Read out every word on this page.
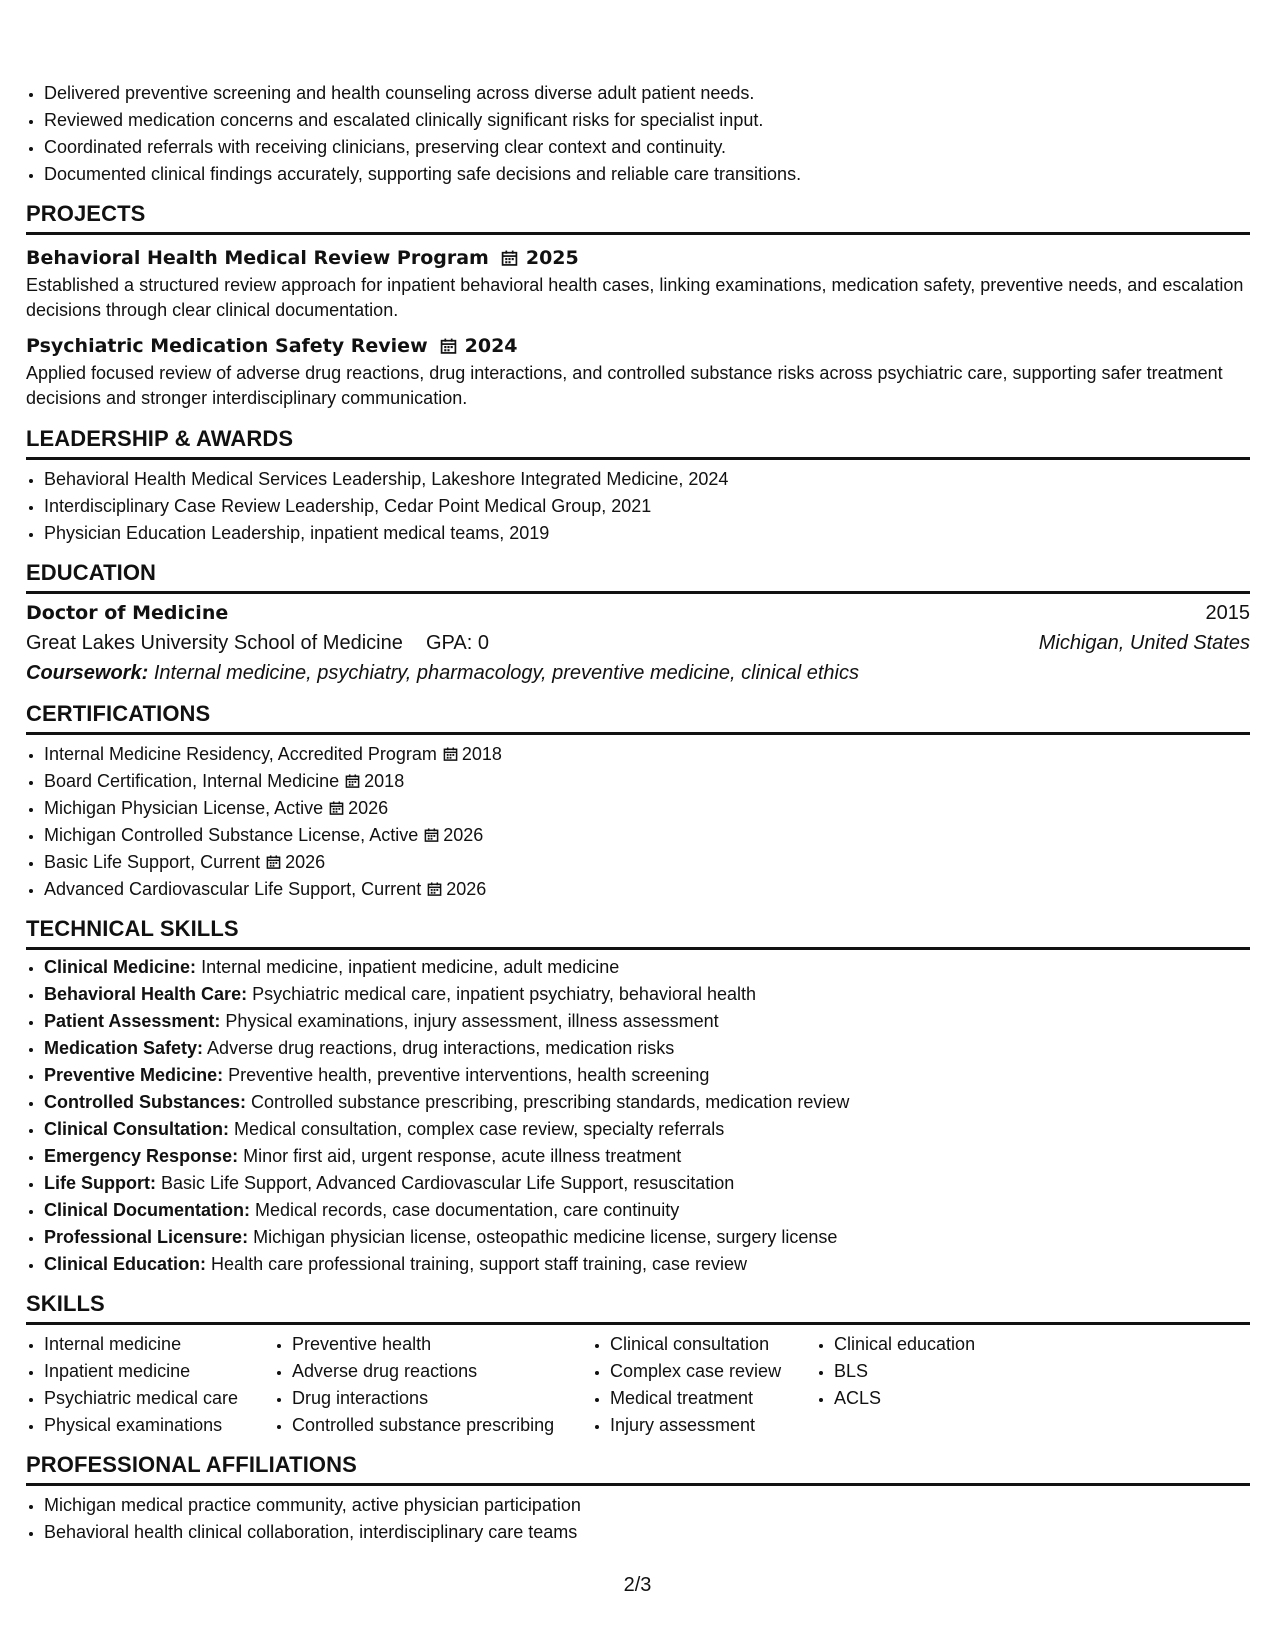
• Delivered preventive screening and health counseling across diverse adult patient needs.
• Reviewed medication concerns and escalated clinically significant risks for specialist input.
• Coordinated referrals with receiving clinicians, preserving clear context and continuity.
• Documented clinical findings accurately, supporting safe decisions and reliable care transitions.
PROJECTS
Behavioral Health Medical Review Program 2025
Established a structured review approach for inpatient behavioral health cases, linking examinations, medication safety, preventive needs, and escalation decisions through clear clinical documentation.
Psychiatric Medication Safety Review 2024
Applied focused review of adverse drug reactions, drug interactions, and controlled substance risks across psychiatric care, supporting safer treatment decisions and stronger interdisciplinary communication.
LEADERSHIP & AWARDS
• Behavioral Health Medical Services Leadership, Lakeshore Integrated Medicine, 2024
• Interdisciplinary Case Review Leadership, Cedar Point Medical Group, 2021
• Physician Education Leadership, inpatient medical teams, 2019
EDUCATION
Doctor of Medicine	2015
Great Lakes University School of Medicine GPA: 0	Michigan, United States
Coursework: Internal medicine, psychiatry, pharmacology, preventive medicine, clinical ethics
CERTIFICATIONS
• Internal Medicine Residency, Accredited Program 2018
• Board Certification, Internal Medicine 2018
• Michigan Physician License, Active 2026
• Michigan Controlled Substance License, Active 2026
• Basic Life Support, Current 2026
• Advanced Cardiovascular Life Support, Current 2026
TECHNICAL SKILLS
• Clinical Medicine: Internal medicine, inpatient medicine, adult medicine
• Behavioral Health Care: Psychiatric medical care, inpatient psychiatry, behavioral health
• Patient Assessment: Physical examinations, injury assessment, illness assessment
• Medication Safety: Adverse drug reactions, drug interactions, medication risks
• Preventive Medicine: Preventive health, preventive interventions, health screening
• Controlled Substances: Controlled substance prescribing, prescribing standards, medication review
• Clinical Consultation: Medical consultation, complex case review, specialty referrals
• Emergency Response: Minor first aid, urgent response, acute illness treatment
• Life Support: Basic Life Support, Advanced Cardiovascular Life Support, resuscitation
• Clinical Documentation: Medical records, case documentation, care continuity
• Professional Licensure: Michigan physician license, osteopathic medicine license, surgery license
• Clinical Education: Health care professional training, support staff training, case review
SKILLS
• Internal medicine
• Inpatient medicine
• Psychiatric medical care
• Physical examinations
• Preventive health
• Adverse drug reactions
• Drug interactions
• Controlled substance prescribing
• Clinical consultation
• Complex case review
• Medical treatment
• Injury assessment
• Clinical education
• BLS
• ACLS
PROFESSIONAL AFFILIATIONS
• Michigan medical practice community, active physician participation
• Behavioral health clinical collaboration, interdisciplinary care teams
2/3
